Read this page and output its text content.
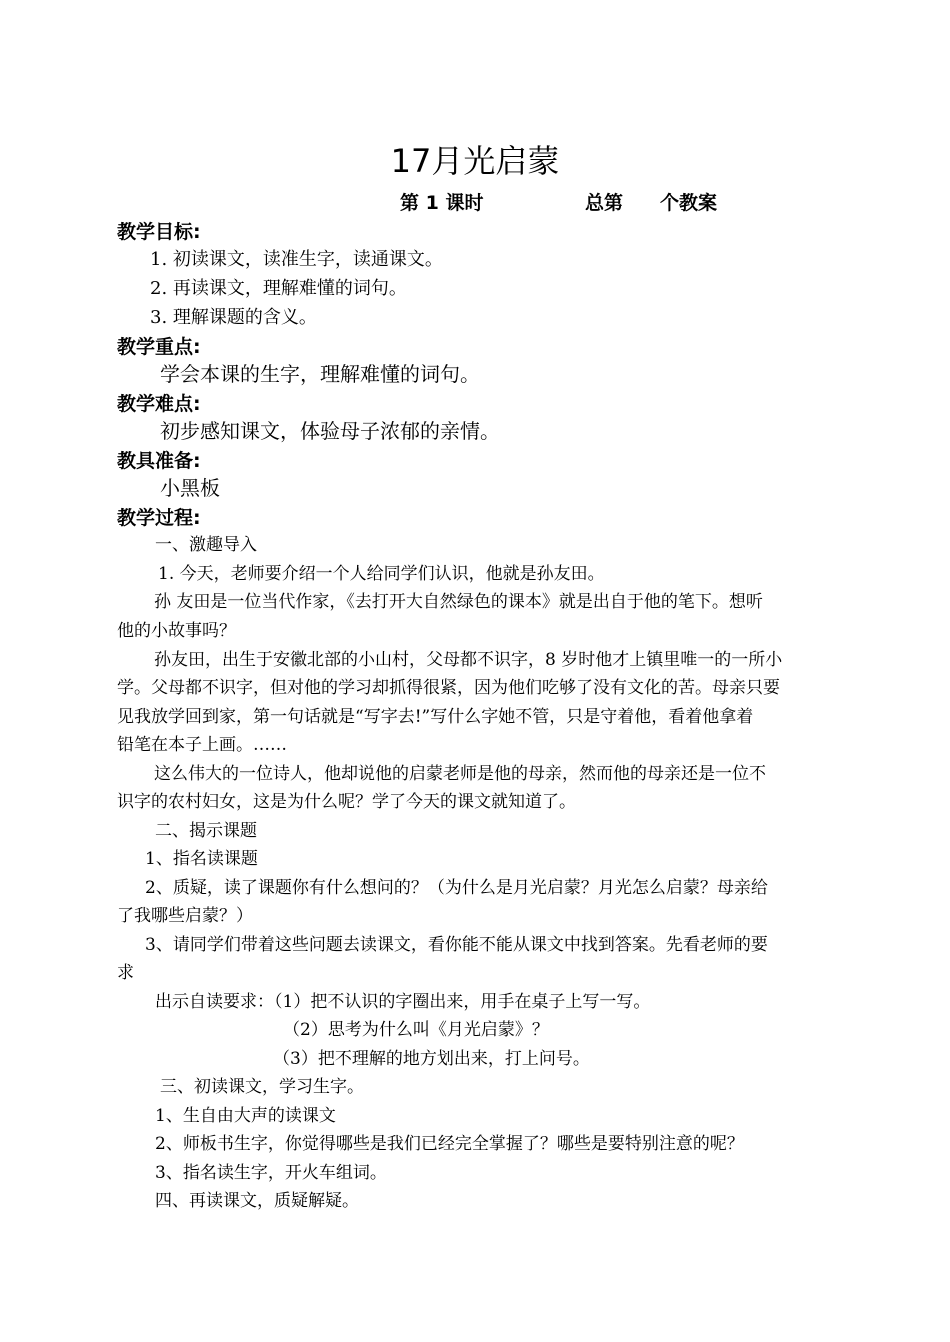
17月光启蒙
第 1 课时	总第 个教案
教学目标:
1. 初读课文，读准生字，读通课文。
2. 再读课文，理解难懂的词句。
3. 理解课题的含义。
教学重点:
学会本课的生字，理解难懂的词句。
教学难点:
初步感知课文，体验母子浓郁的亲情。
教具准备:
小黑板
教学过程:
一、激趣导入
1. 今天，老师要介绍一个人给同学们认识，他就是孙友田。
孙 友田是一位当代作家，《去打开大自然绿色的课本》就是出自于他的笔下。想听
他的小故事吗？
孙友田，出生于安徽北部的小山村，父母都不识字，8 岁时他才上镇里唯一的一所小
学。父母都不识字，但对他的学习却抓得很紧，因为他们吃够了没有文化的苦。母亲只要
见我放学回到家，第一句话就是“写字去!”写什么字她不管，只是守着他，看着他拿着
铅笔在本子上画。……
这么伟大的一位诗人，他却说他的启蒙老师是他的母亲，然而他的母亲还是一位不
识字的农村妇女，这是为什么呢？学了今天的课文就知道了。
二、揭示课题
1、指名读课题
2、质疑，读了课题你有什么想问的？（为什么是月光启蒙？月光怎么启蒙？母亲给
了我哪些启蒙？）
3、请同学们带着这些问题去读课文，看你能不能从课文中找到答案。先看老师的要
求
出示自读要求：（1）把不认识的字圈出来，用手在桌子上写一写。
（2）思考为什么叫《月光启蒙》？
（3）把不理解的地方划出来，打上问号。
三、初读课文，学习生字。
1、生自由大声的读课文
2、师板书生字，你觉得哪些是我们已经完全掌握了？哪些是要特别注意的呢？
3、指名读生字，开火车组词。
四、再读课文，质疑解疑。
